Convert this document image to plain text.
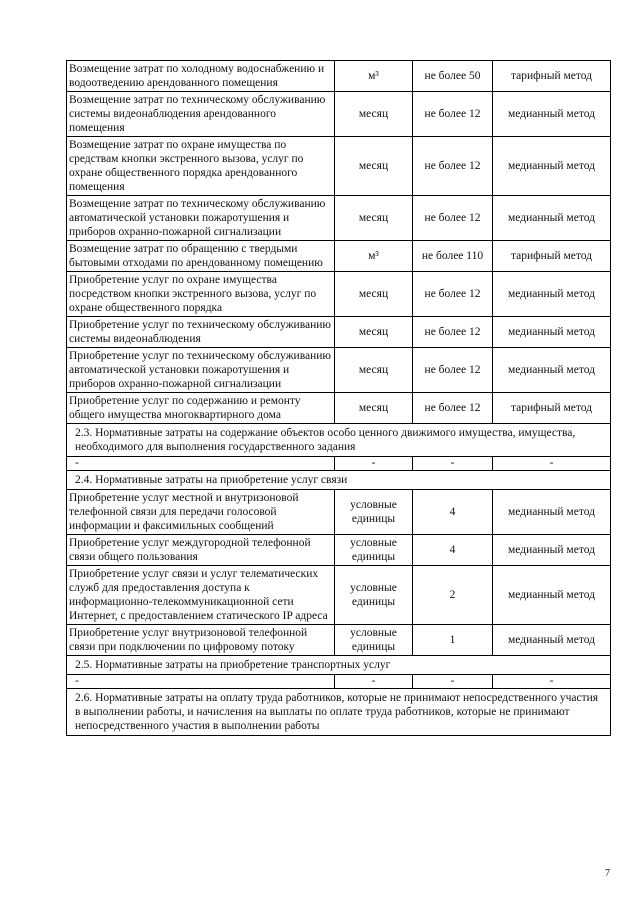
Возмещение затрат по холодному водоснабжению и водоотведению арендованного помещения	м³	не более 50	тарифный метод
Возмещение затрат по техническому обслуживанию системы видеонаблюдения арендованного помещения	месяц	не более 12	медианный метод
Возмещение затрат по охране имущества по средствам кнопки экстренного вызова, услуг по охранe общественного порядка арендованного помещения	месяц	не более 12	медианный метод
Возмещение затрат по техническому обслуживанию автоматической установки пожаротушения и приборов охранно-пожарной сигнализации	месяц	не более 12	медианный метод
Возмещение затрат по обращению с твердыми бытовыми отходами по арендованному помещению	м³	не более 110	тарифный метод
Приобретение услуг по охране имущества посредством кнопки экстренного вызова, услуг по охране общественного порядка	месяц	не более 12	медианный метод
Приобретение услуг по техническому обслуживанию системы видеонаблюдения	месяц	не более 12	медианный метод
Приобретение услуг по техническому обслуживанию автоматической установки пожаротушения и приборов охранно-пожарной сигнализации	месяц	не более 12	медианный метод
Приобретение услуг по содержанию и ремонту общего имущества многоквартирного дома	месяц	не более 12	тарифный метод
2.3. Нормативные затраты на содержание объектов особо ценного движимого имущества, имущества, необходимого для выполнения государственного задания			
-	-	-	-
2.4. Нормативные затраты на приобретение услуг связи			
Приобретение услуг местной и внутризоновой телефонной связи для передачи голосовой информации и факсимильных сообщений	условные единицы	4	медианный метод
Приобретение услуг междугородной телефонной связи общего пользования	условные единицы	4	медианный метод
Приобретение услуг связи и услуг телематических служб для предоставления доступа к информационно-телекоммуникационной сети Интернет, с предоставлением статического IP адреса	условные единицы	2	медианный метод
Приобретение услуг внутризоновой телефонной связи при подключении по цифровому потоку	условные единицы	1	медианный метод
2.5. Нормативные затраты на приобретение транспортных услуг			
-	-	-	-
2.6. Нормативные затраты на оплату труда работников, которые не принимают непосредственного участия в выполнении работы, и начисления на выплаты по оплате труда работников, которые не принимают непосредственного участия в выполнении работы			
7
